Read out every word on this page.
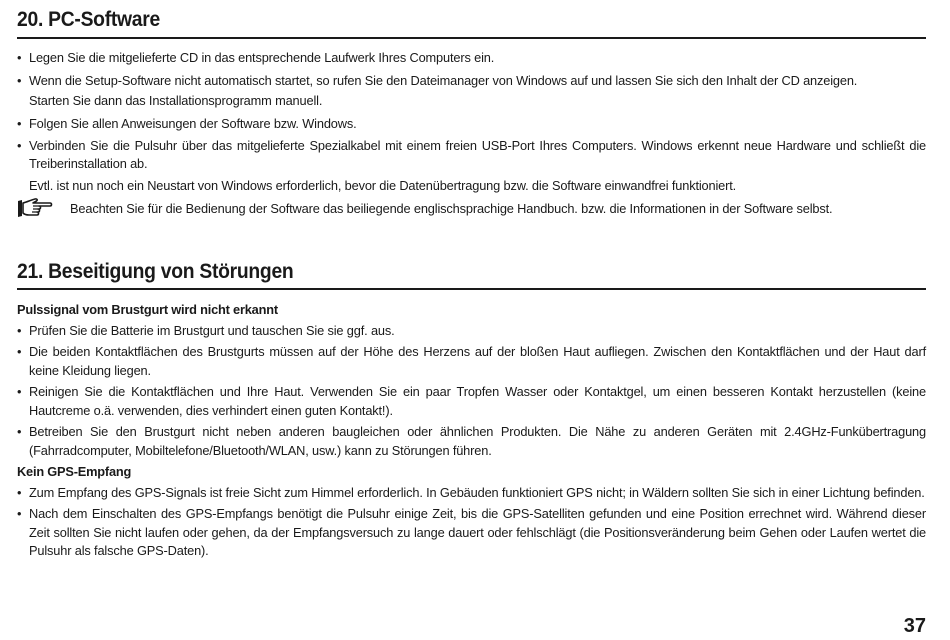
20. PC-Software
• Legen Sie die mitgelieferte CD in das entsprechende Laufwerk Ihres Computers ein.
• Wenn die Setup-Software nicht automatisch startet, so rufen Sie den Dateimanager von Windows auf und lassen Sie sich den Inhalt der CD anzeigen.
Starten Sie dann das Installationsprogramm manuell.
• Folgen Sie allen Anweisungen der Software bzw. Windows.
• Verbinden Sie die Pulsuhr über das mitgelieferte Spezialkabel mit einem freien USB-Port Ihres Computers. Windows erkennt neue Hardware und schließt die Treiberinstallation ab.
Evtl. ist nun noch ein Neustart von Windows erforderlich, bevor die Datenübertragung bzw. die Software einwandfrei funktioniert.
Beachten Sie für die Bedienung der Software das beiliegende englischsprachige Handbuch. bzw. die Informationen in der Software selbst.
21. Beseitigung von Störungen
Pulssignal vom Brustgurt wird nicht erkannt
• Prüfen Sie die Batterie im Brustgurt und tauschen Sie sie ggf. aus.
• Die beiden Kontaktflächen des Brustgurts müssen auf der Höhe des Herzens auf der bloßen Haut aufliegen. Zwischen den Kontaktflächen und der Haut darf keine Kleidung liegen.
• Reinigen Sie die Kontaktflächen und Ihre Haut. Verwenden Sie ein paar Tropfen Wasser oder Kontaktgel, um einen besseren Kontakt herzustellen (keine Hautcreme o.ä. verwenden, dies verhindert einen guten Kontakt!).
• Betreiben Sie den Brustgurt nicht neben anderen baugleichen oder ähnlichen Produkten. Die Nähe zu anderen Geräten mit 2.4GHz-Funkübertragung (Fahrradcomputer, Mobiltelefone/Bluetooth/WLAN, usw.) kann zu Störungen führen.
Kein GPS-Empfang
• Zum Empfang des GPS-Signals ist freie Sicht zum Himmel erforderlich. In Gebäuden funktioniert GPS nicht; in Wäldern sollten Sie sich in einer Lichtung befinden.
• Nach dem Einschalten des GPS-Empfangs benötigt die Pulsuhr einige Zeit, bis die GPS-Satelliten gefunden und eine Position errechnet wird. Während dieser Zeit sollten Sie nicht laufen oder gehen, da der Empfangsversuch zu lange dauert oder fehlschlägt (die Positionsveränderung beim Gehen oder Laufen wertet die Pulsuhr als falsche GPS-Daten).
37
